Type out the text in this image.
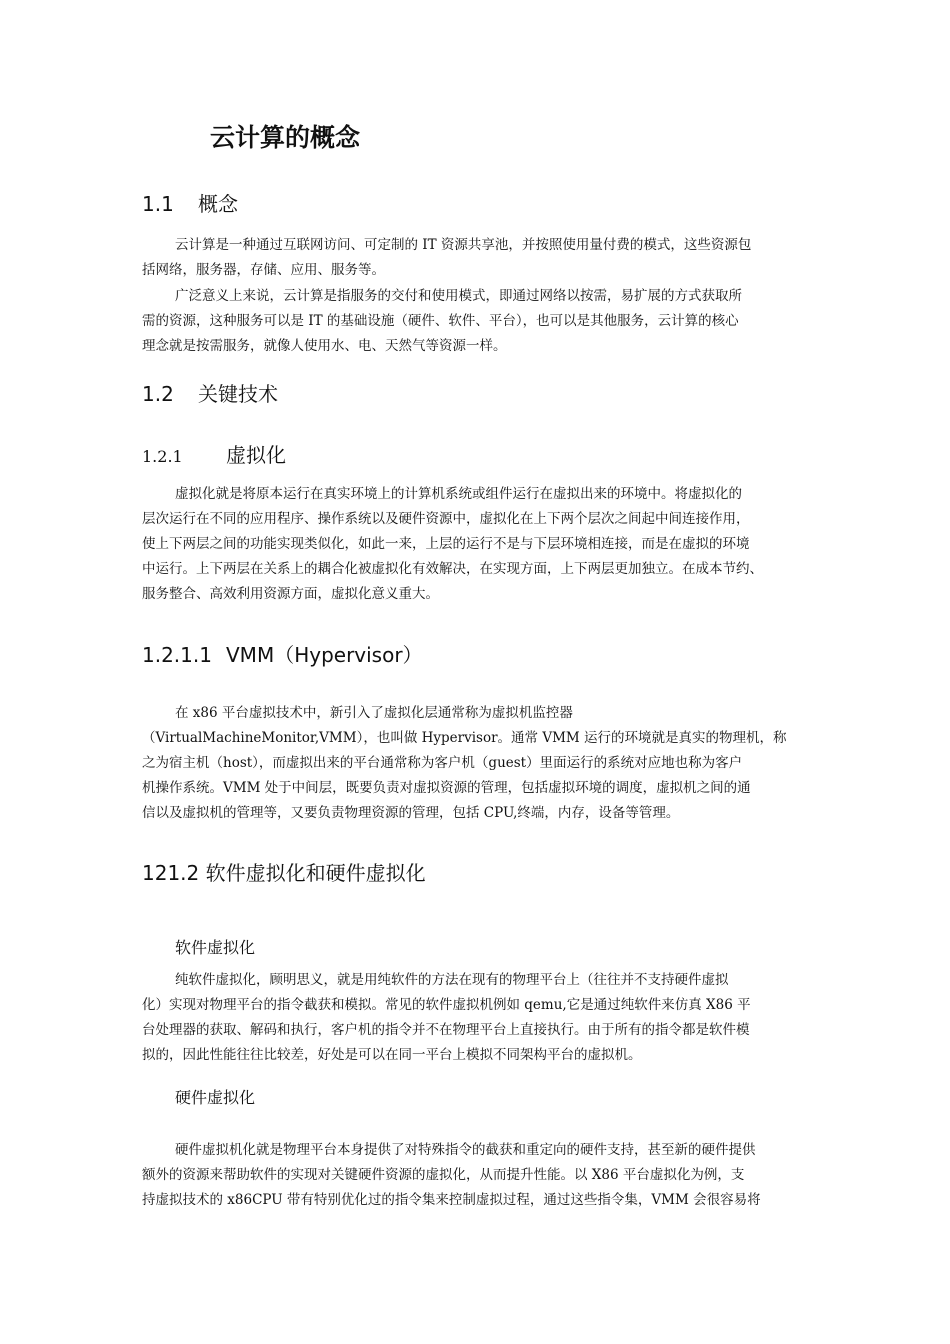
云计算的概念
1.1 概念
云计算是一种通过互联网访问、可定制的 IT 资源共享池，并按照使用量付费的模式，这些资源包
括网络，服务器，存储、应用、服务等。
广泛意义上来说，云计算是指服务的交付和使用模式，即通过网络以按需，易扩展的方式获取所
需的资源，这种服务可以是 IT 的基础设施（硬件、软件、平台），也可以是其他服务，云计算的核心
理念就是按需服务，就像人使用水、电、天然气等资源一样。
1.2 关键技术
1.2.1 虚拟化
虚拟化就是将原本运行在真实环境上的计算机系统或组件运行在虚拟出来的环境中。将虚拟化的
层次运行在不同的应用程序、操作系统以及硬件资源中，虚拟化在上下两个层次之间起中间连接作用，
使上下两层之间的功能实现类似化，如此一来，上层的运行不是与下层环境相连接，而是在虚拟的环境
中运行。上下两层在关系上的耦合化被虚拟化有效解决，在实现方面，上下两层更加独立。在成本节约、
服务整合、高效利用资源方面，虚拟化意义重大。
1.2.1.1 VMM（Hypervisor）
在 x86 平台虚拟技术中，新引入了虚拟化层通常称为虚拟机监控器
（VirtualMachineMonitor,VMM），也叫做 Hypervisor。通常 VMM 运行的环境就是真实的物理机，称
之为宿主机（host），而虚拟出来的平台通常称为客户机（guest）里面运行的系统对应地也称为客户
机操作系统。VMM 处于中间层，既要负责对虚拟资源的管理，包括虚拟环境的调度，虚拟机之间的通
信以及虚拟机的管理等，又要负责物理资源的管理，包括 CPU,终端，内存，设备等管理。
121.2 软件虚拟化和硬件虚拟化
软件虚拟化
纯软件虚拟化，顾明思义，就是用纯软件的方法在现有的物理平台上（往往并不支持硬件虚拟
化）实现对物理平台的指令截获和模拟。常见的软件虚拟机例如 qemu,它是通过纯软件来仿真 X86 平
台处理器的获取、解码和执行，客户机的指令并不在物理平台上直接执行。由于所有的指令都是软件模
拟的，因此性能往往比较差，好处是可以在同一平台上模拟不同架构平台的虚拟机。
硬件虚拟化
硬件虚拟机化就是物理平台本身提供了对特殊指令的截获和重定向的硬件支持，甚至新的硬件提供
额外的资源来帮助软件的实现对关键硬件资源的虚拟化，从而提升性能。以 X86 平台虚拟化为例，支
持虚拟技术的 x86CPU 带有特别优化过的指令集来控制虚拟过程，通过这些指令集，VMM 会很容易将
